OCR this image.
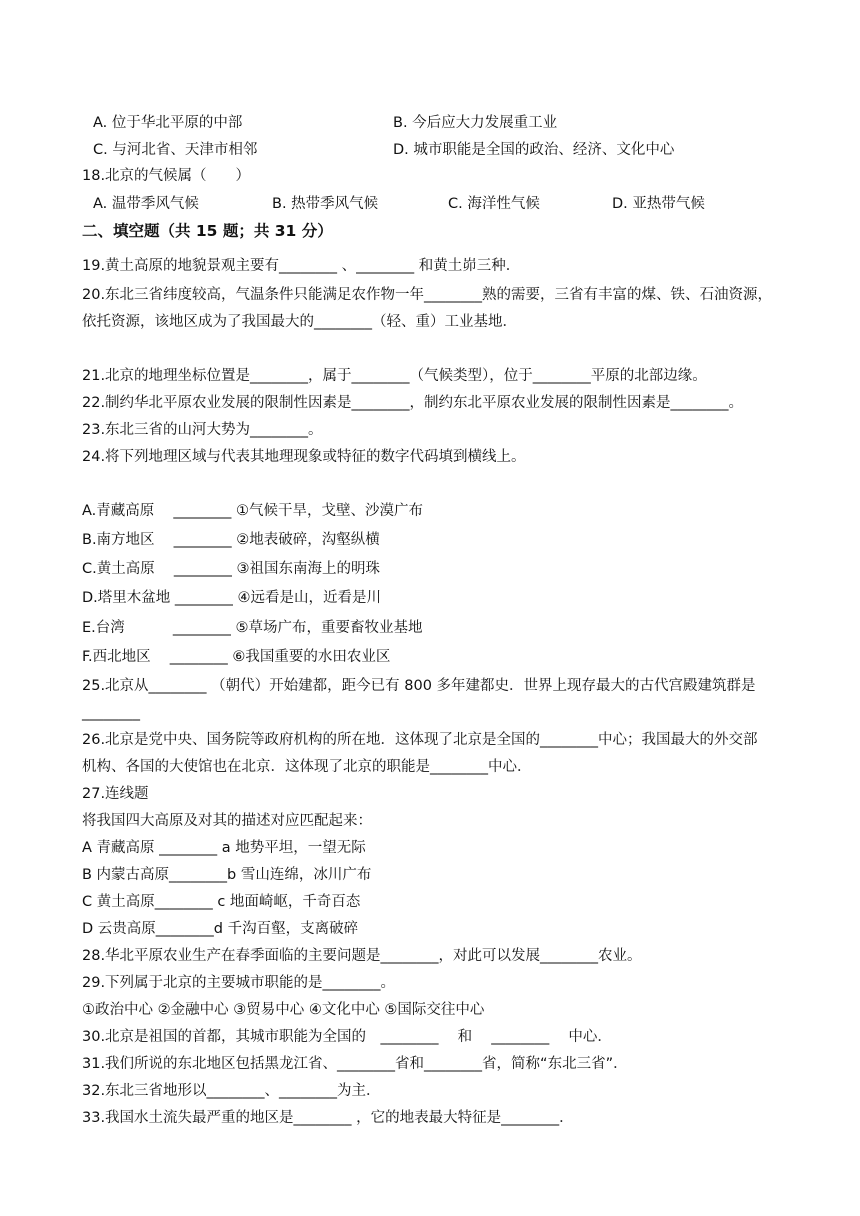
A. 位于华北平原的中部	B. 今后应大力发展重工业
C. 与河北省、天津市相邻	D. 城市职能是全国的政治、经济、文化中心
18.北京的气候属（　　）
A. 温带季风气候	B. 热带季风气候	C. 海洋性气候	D. 亚热带气候
二、填空题（共 15 题；共 31 分）
19.黄土高原的地貌景观主要有________ 、________ 和黄土峁三种．
20.东北三省纬度较高，气温条件只能满足农作物一年________熟的需要，三省有丰富的煤、铁、石油资源，
依托资源，该地区成为了我国最大的________（轻、重）工业基地．
21.北京的地理坐标位置是________，属于________（气候类型），位于________平原的北部边缘。
22.制约华北平原农业发展的限制性因素是________，制约东北平原农业发展的限制性因素是________。
23.东北三省的山河大势为________。
24.将下列地理区域与代表其地理现象或特征的数字代码填到横线上。
A.青藏高原　 ________ ①气候干旱，戈壁、沙漠广布
B.南方地区　 ________ ②地表破碎，沟壑纵横
C.黄土高原　 ________ ③祖国东南海上的明珠
D.塔里木盆地 ________ ④远看是山，近看是川
E.台湾　　　 ________ ⑤草场广布，重要畜牧业基地
F.西北地区　 ________ ⑥我国重要的水田农业区
25.北京从________ （朝代）开始建都，距今已有 800 多年建都史．世界上现存最大的古代宫殿建筑群是
________
26.北京是党中央、国务院等政府机构的所在地．这体现了北京是全国的________中心；我国最大的外交部
机构、各国的大使馆也在北京．这体现了北京的职能是________中心．
27.连线题
将我国四大高原及对其的描述对应匹配起来：
A 青藏高原 ________ a 地势平坦，一望无际
B 内蒙古高原________b 雪山连绵，冰川广布
C 黄土高原________ c 地面崎岖，千奇百态
D 云贵高原________d 千沟百壑，支离破碎
28.华北平原农业生产在春季面临的主要问题是________，对此可以发展________农业。
29.下列属于北京的主要城市职能的是________。
①政治中心 ②金融中心 ③贸易中心 ④文化中心 ⑤国际交往中心
30.北京是祖国的首都，其城市职能为全国的　________　 和 　________ 　中心．
31.我们所说的东北地区包括黑龙江省、________省和________省，简称“东北三省”．
32.东北三省地形以________、________为主．
33.我国水土流失最严重的地区是________ ，它的地表最大特征是________．
